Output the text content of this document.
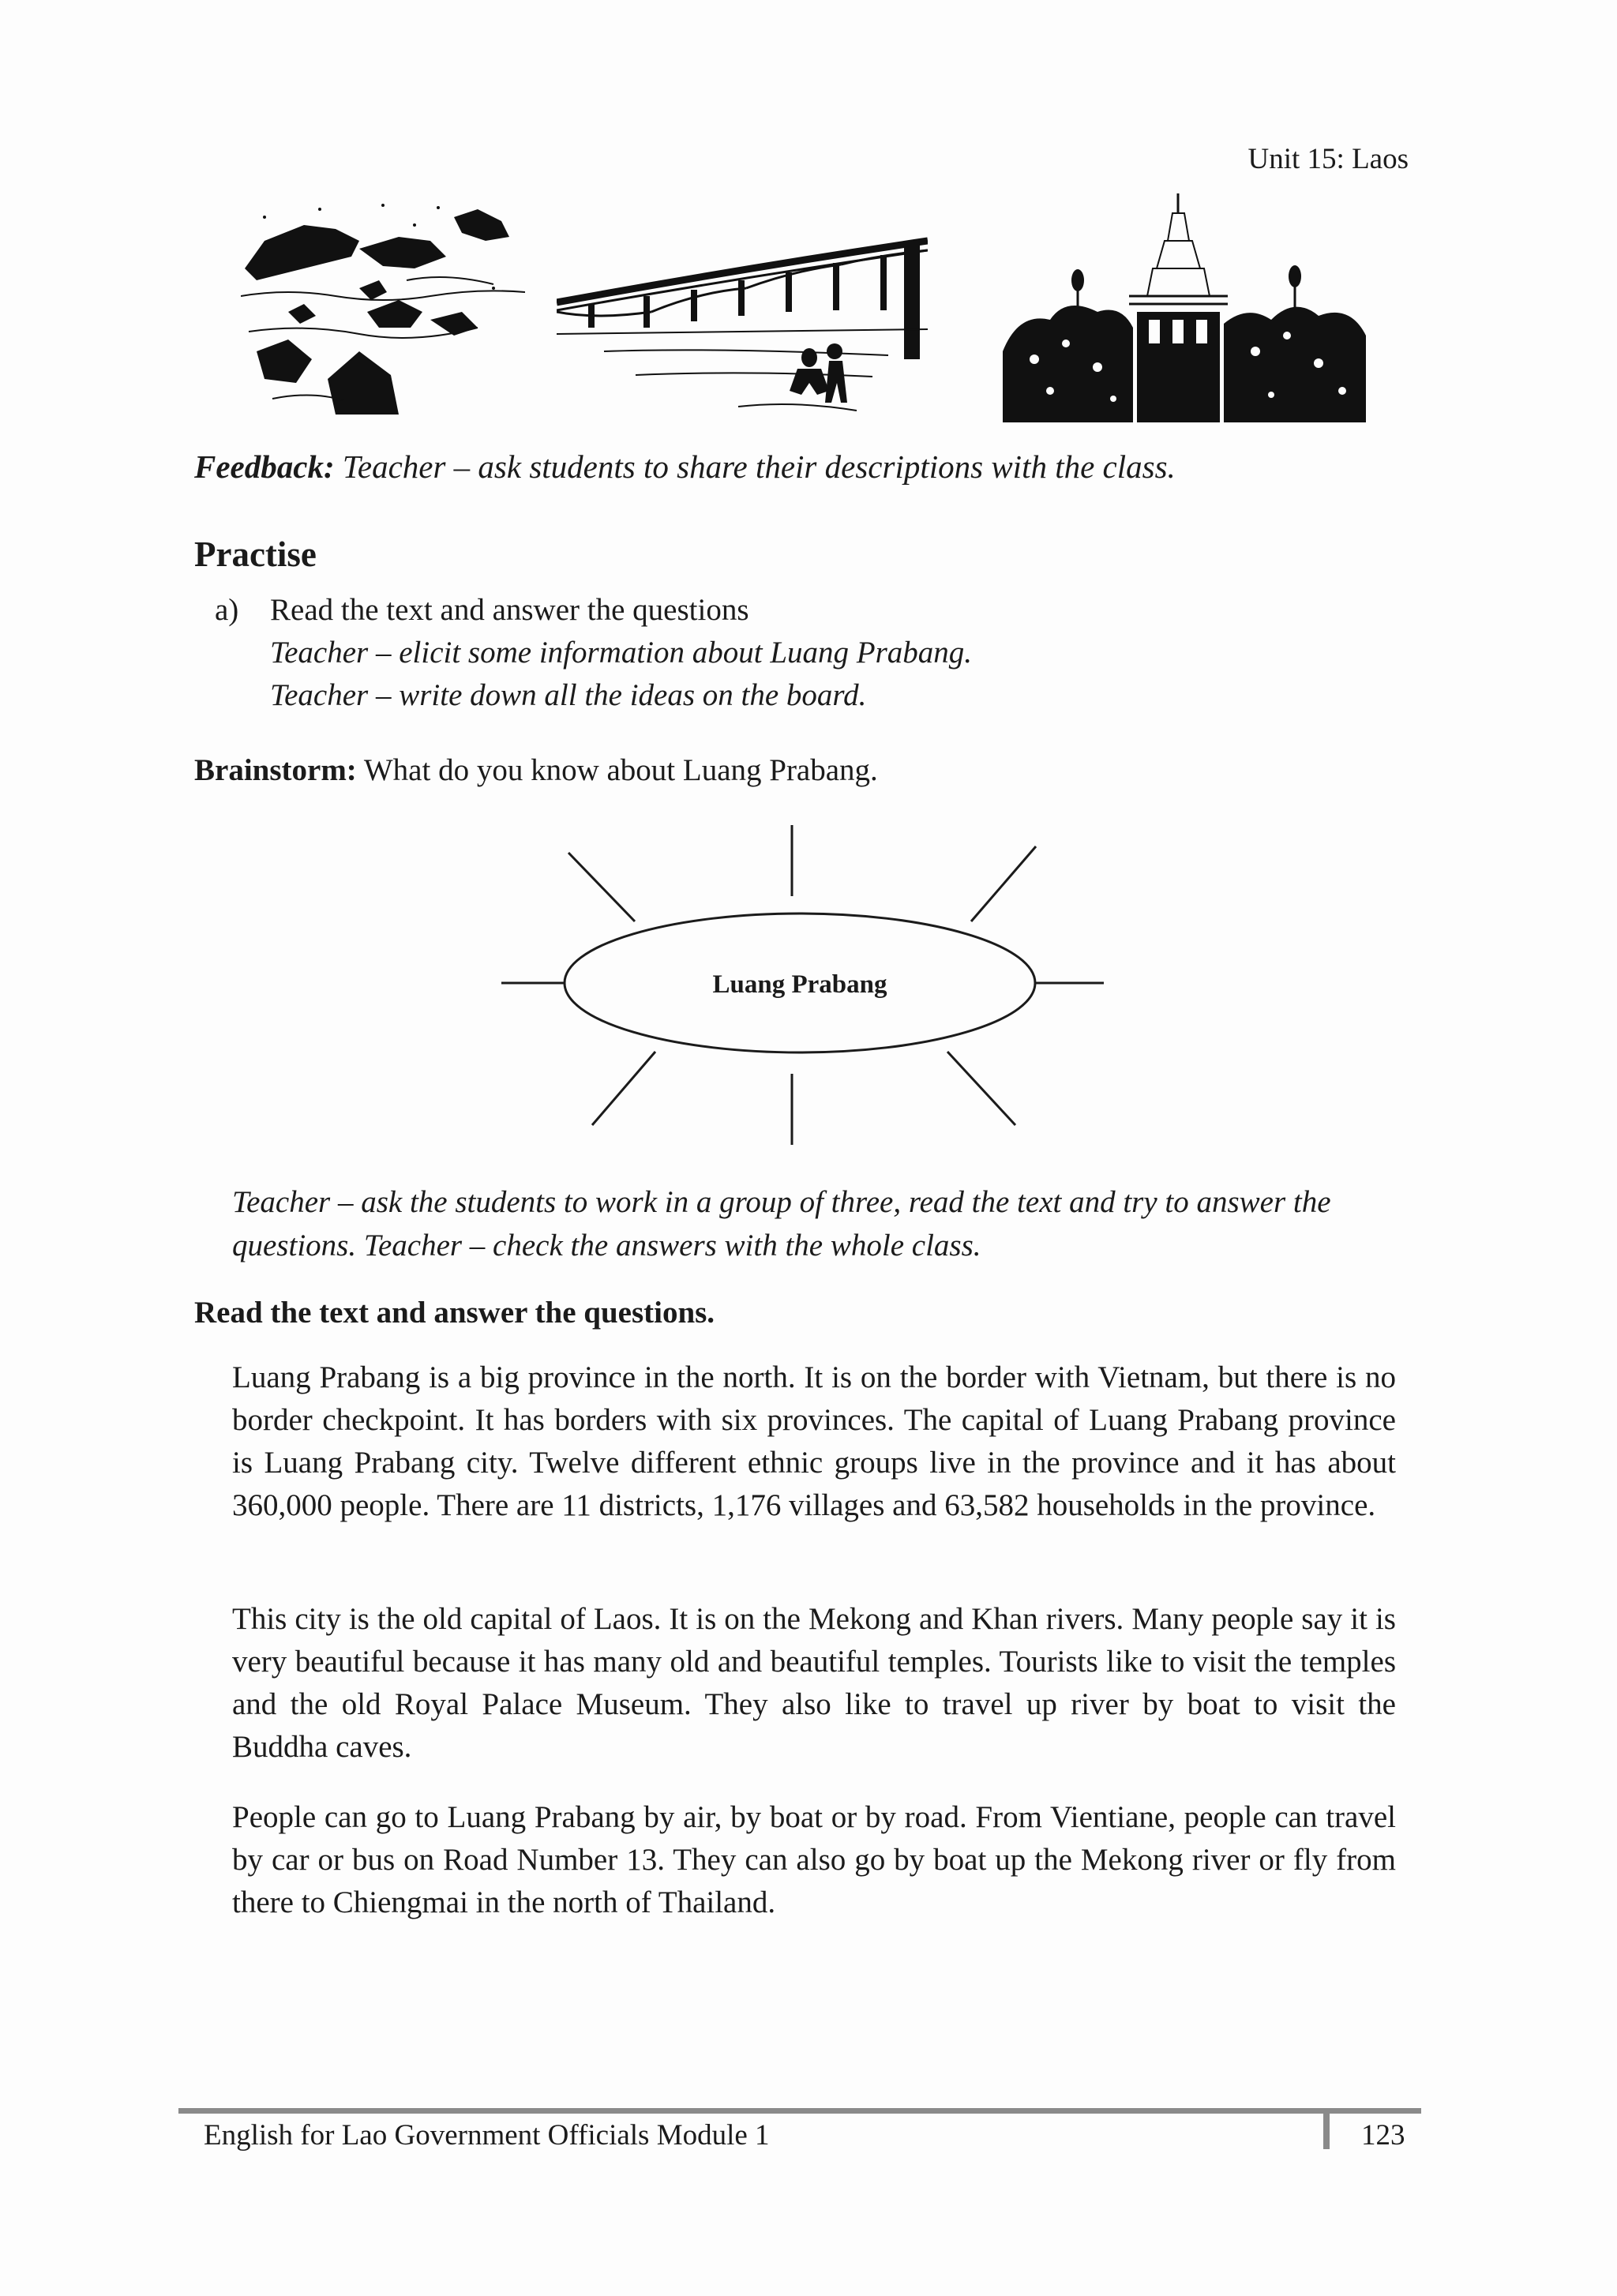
Unit 15: Laos
Feedback: Teacher – ask students to share their descriptions with the class.
Practise
a) Read the text and answer the questions
Teacher – elicit some information about Luang Prabang.
Teacher – write down all the ideas on the board.
Brainstorm: What do you know about Luang Prabang.
Luang Prabang
Teacher – ask the students to work in a group of three, read the text and try to answer the questions. Teacher – check the answers with the whole class.
Read the text and answer the questions.
Luang Prabang is a big province in the north. It is on the border with Vietnam, but there is no border checkpoint. It has borders with six provinces. The capital of Luang Prabang province is Luang Prabang city. Twelve different ethnic groups live in the province and it has about 360,000 people. There are 11 districts, 1,176 villages and 63,582 households in the province.
This city is the old capital of Laos. It is on the Mekong and Khan rivers. Many people say it is very beautiful because it has many old and beautiful temples. Tourists like to visit the temples and the old Royal Palace Museum. They also like to travel up river by boat to visit the Buddha caves.
People can go to Luang Prabang by air, by boat or by road. From Vientiane, people can travel by car or bus on Road Number 13. They can also go by boat up the Mekong river or fly from there to Chiengmai in the north of Thailand.
English for Lao Government Officials Module 1	123
